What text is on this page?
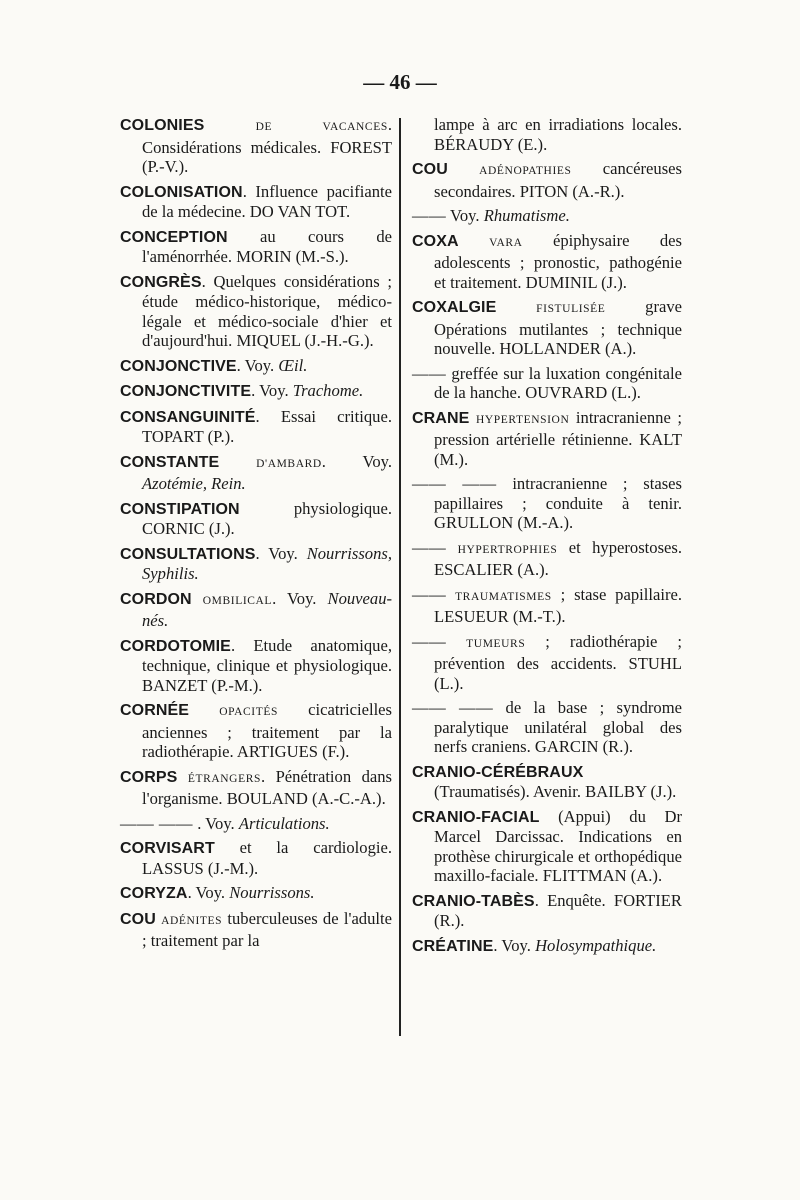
— 46 —

COLONIES	DE VACANCES. Considérations médicales. FOREST (P.-V.).

COLONISATION. Influence pacifiante de la médecine. DO VAN TOT.

CONCEPTION au cours de l'aménorrhée. MORIN (M.-S.).

CONGRÈS. Quelques considérations ; étude médico-historique, médico-légale et médico-sociale d'hier et d'aujourd'hui. MIQUEL (J.-H.-G.).

CONJONCTIVE. Voy. Œil.

CONJONCTIVITE. Voy. Trachome.

CONSANGUINITÉ. Essai critique. TOPART (P.).

CONSTANTE	D'AMBARD. Voy. Azotémie, Rein.

CONSTIPATION physiologique. CORNIC (J.).

CONSULTATIONS. Voy. Nourrissons, Syphilis.

CORDON OMBILICAL. Voy. Nouveau-nés.

CORDOTOMIE. Etude anatomique, technique, clinique et physiologique. BANZET (P.-M.).

CORNÉE	OPACITÉS cicatricielles anciennes ; traitement par la radiothérapie. ARTIGUES (F.).

CORPS ÉTRANGERS. Pénétration dans l'organisme. BOULAND (A.-C.-A.).

—— —— . Voy. Articulations.

CORVISART et la cardiologie. LASSUS (J.-M.).

CORYZA. Voy. Nourrissons.

COU ADÉNITES tuberculeuses de l'adulte ; traitement par la

lampe à arc en irradiations locales. BÉRAUDY (E.).

COU	ADÉNOPATHIES cancéreuses secondaires. PITON (A.-R.).

—— Voy. Rhumatisme.

COXA	VARA épiphysaire des adolescents ; pronostic, pathogénie et traitement. DUMINIL (J.).

COXALGIE	FISTULISÉE grave Opérations mutilantes ; technique nouvelle. HOLLANDER (A.).

—— greffée sur la luxation congénitale de la hanche. OUVRARD (L.).

CRANE HYPERTENSION intracranienne ; pression artérielle rétinienne. KALT (M.).

—— —— intracranienne ; stases papillaires ; conduite à tenir. GRULLON (M.-A.).

—— HYPERTROPHIES et hyperostoses. ESCALIER (A.).

—— TRAUMATISMES ; stase papillaire. LESUEUR (M.-T.).

—— TUMEURS ; radiothérapie ; prévention des accidents. STUHL (L.).

—— —— de la base ; syndrome paralytique unilatéral global des nerfs craniens. GARCIN (R.).

CRANIO-CÉRÉBRAUX (Traumatisés). Avenir. BAILBY (J.).

CRANIO-FACIAL (Appui) du Dr Marcel Darcissac. Indications en prothèse chirurgicale et orthopédique maxillo-faciale. FLITTMAN (A.).

CRANIO-TABÈS. Enquête. FORTIER (R.).

CRÉATINE. Voy. Holosympathique.
